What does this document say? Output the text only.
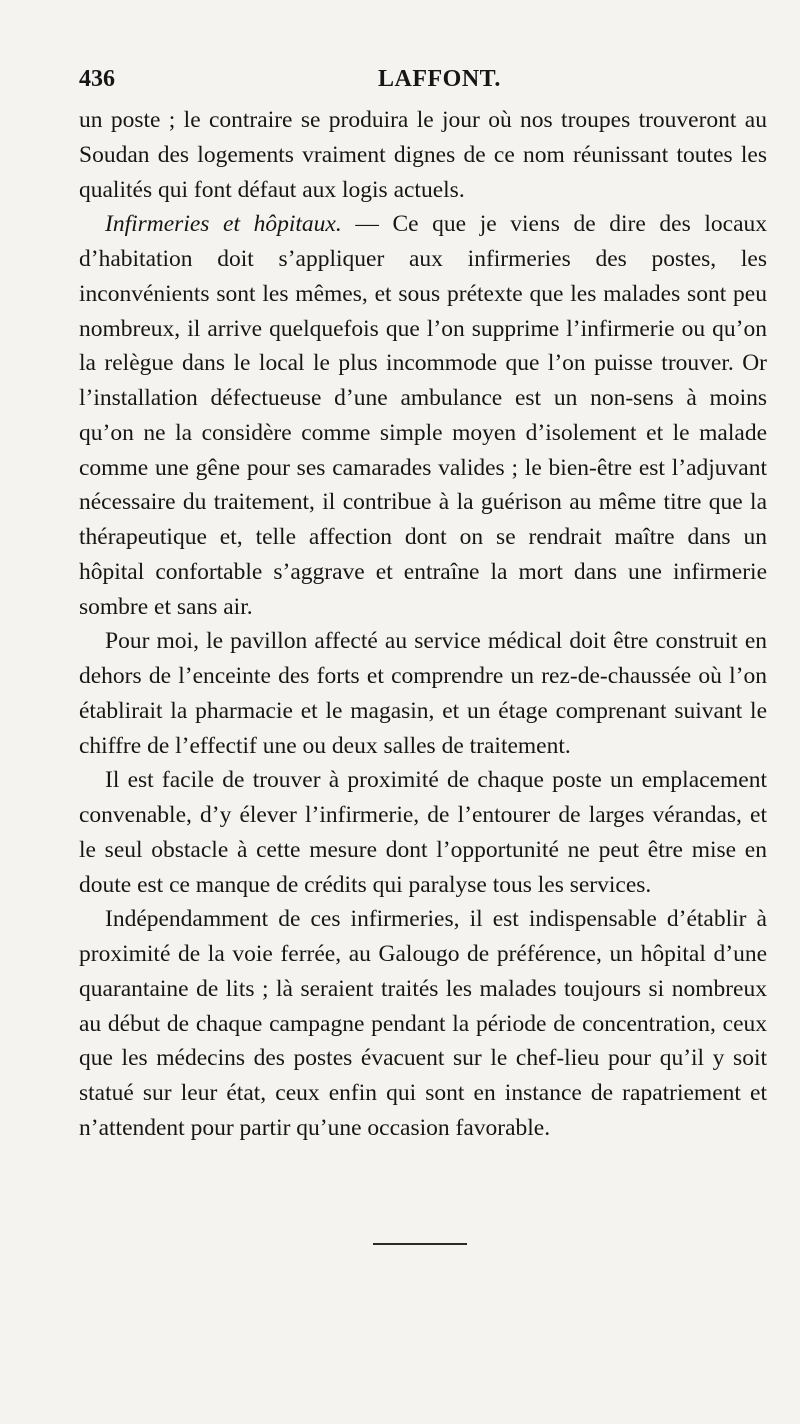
436	LAFFONT.

un poste ; le contraire se produira le jour où nos troupes trouveront au Soudan des logements vraiment dignes de ce nom réunissant toutes les qualités qui font défaut aux logis actuels.

Infirmeries et hôpitaux. — Ce que je viens de dire des locaux d’habitation doit s’appliquer aux infirmeries des postes, les inconvénients sont les mêmes, et sous prétexte que les malades sont peu nombreux, il arrive quelquefois que l’on supprime l’infirmerie ou qu’on la relègue dans le local le plus incommode que l’on puisse trouver. Or l’installation défectueuse d’une ambulance est un non-sens à moins qu’on ne la considère comme simple moyen d’isolement et le malade comme une gêne pour ses camarades valides ; le bien-être est l’adjuvant nécessaire du traitement, il contribue à la guérison au même titre que la thérapeutique et, telle affection dont on se rendrait maître dans un hôpital confortable s’aggrave et entraîne la mort dans une infirmerie sombre et sans air.

Pour moi, le pavillon affecté au service médical doit être construit en dehors de l’enceinte des forts et comprendre un rez-de-chaussée où l’on établirait la pharmacie et le magasin, et un étage comprenant suivant le chiffre de l’effectif une ou deux salles de traitement.

Il est facile de trouver à proximité de chaque poste un emplacement convenable, d’y élever l’infirmerie, de l’entourer de larges vérandas, et le seul obstacle à cette mesure dont l’opportunité ne peut être mise en doute est ce manque de crédits qui paralyse tous les services.

Indépendamment de ces infirmeries, il est indispensable d’établir à proximité de la voie ferrée, au Galougo de préférence, un hôpital d’une quarantaine de lits ; là seraient traités les malades toujours si nombreux au début de chaque campagne pendant la période de concentration, ceux que les médecins des postes évacuent sur le chef-lieu pour qu’il y soit statué sur leur état, ceux enfin qui sont en instance de rapatriement et n’attendent pour partir qu’une occasion favorable.
